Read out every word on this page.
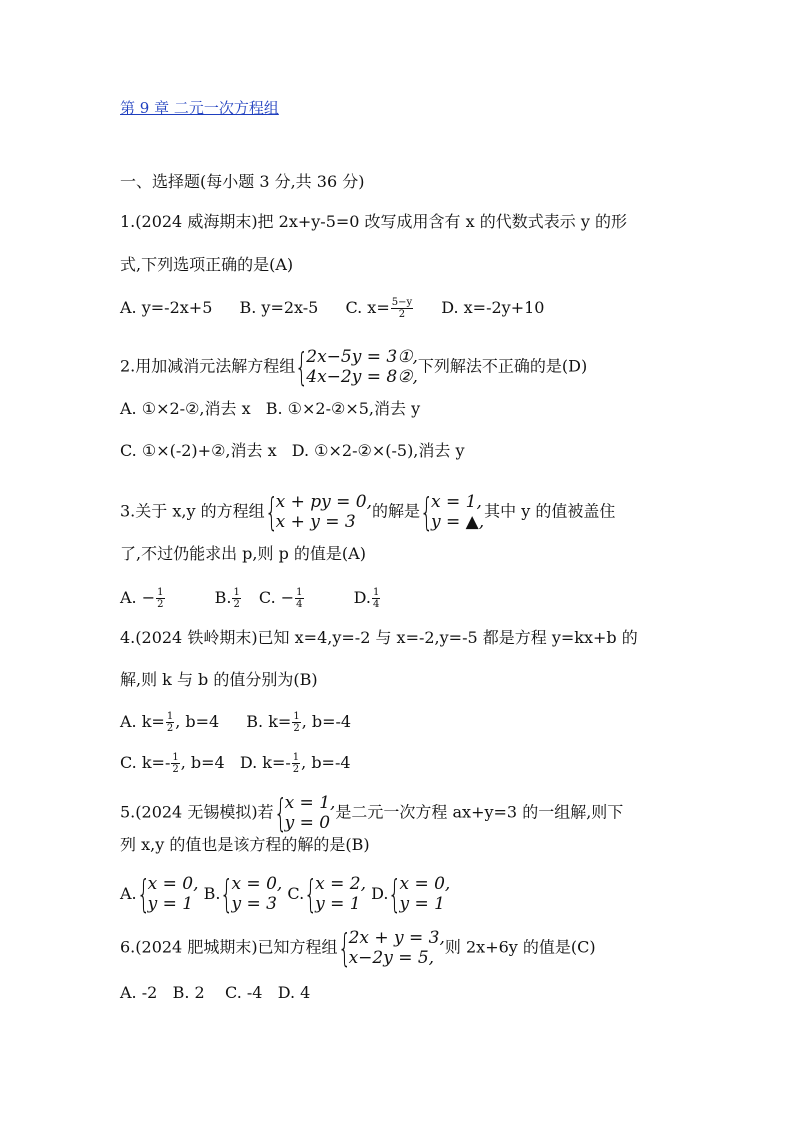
第 9 章 二元一次方程组
一、选择题(每小题 3 分,共 36 分)
1.(2024 威海期末)把 2x+y-5=0 改写成用含有 x 的代数式表示 y 的形
式,下列选项正确的是(A)
A. y=-2x+5 B. y=2x-5 C. $x= \frac{5-y}{2} D$. x=-2y+10
2.用加减消元法解方程组 {
2x−5y = 3①,
4x−2y = 8②,
下列解法不正确的是(D)
A. ①×2-②,消去 x B. ①×2-②×5,消去 y
C. ①×(-2)+②,消去 x D. ①×2-②×(-5),消去 y
3.关于 x,y 的方程组 {
x + py = 0,
x + y = 3
的解是 {
x = 1,
y = ▲,
其中 y 的值被盖住
了,不过仍能求出 p,则 p 的值是(A)
A. − $\frac{1}{2}$	B. $\frac{1}{2} C$. − $\frac{1}{4}$	D. $\frac{1}{4}$
4.(2024 铁岭期末)已知 x=4,y=-2 与 x=-2,y=-5 都是方程 y=kx+b 的
解,则 k 与 b 的值分别为(B)
A. $k= \frac{1}{2}$ , b=4 B. $k= \frac{1}{2}$ , b=-4
C. $k=- \frac{1}{2}$ , b=4 D. $k=- \frac{1}{2}$ , b=-4
5.(2024 无锡模拟)若 {
x = 1,
y = 0
是二元一次方程 ax+y=3 的一组解,则下
列 x,y 的值也是该方程的解的是(B)
A. {
x = 0,
y = 1
B. {
x = 0,
y = 3
C. {
x = 2,
y = 1
D. {
x = 0,
y = 1
6.(2024 肥城期末)已知方程组 {
2x + y = 3,
x−2y = 5,
则 2x+6y 的值是(C)
A. -2   B. 2    C. -4   D. 4
